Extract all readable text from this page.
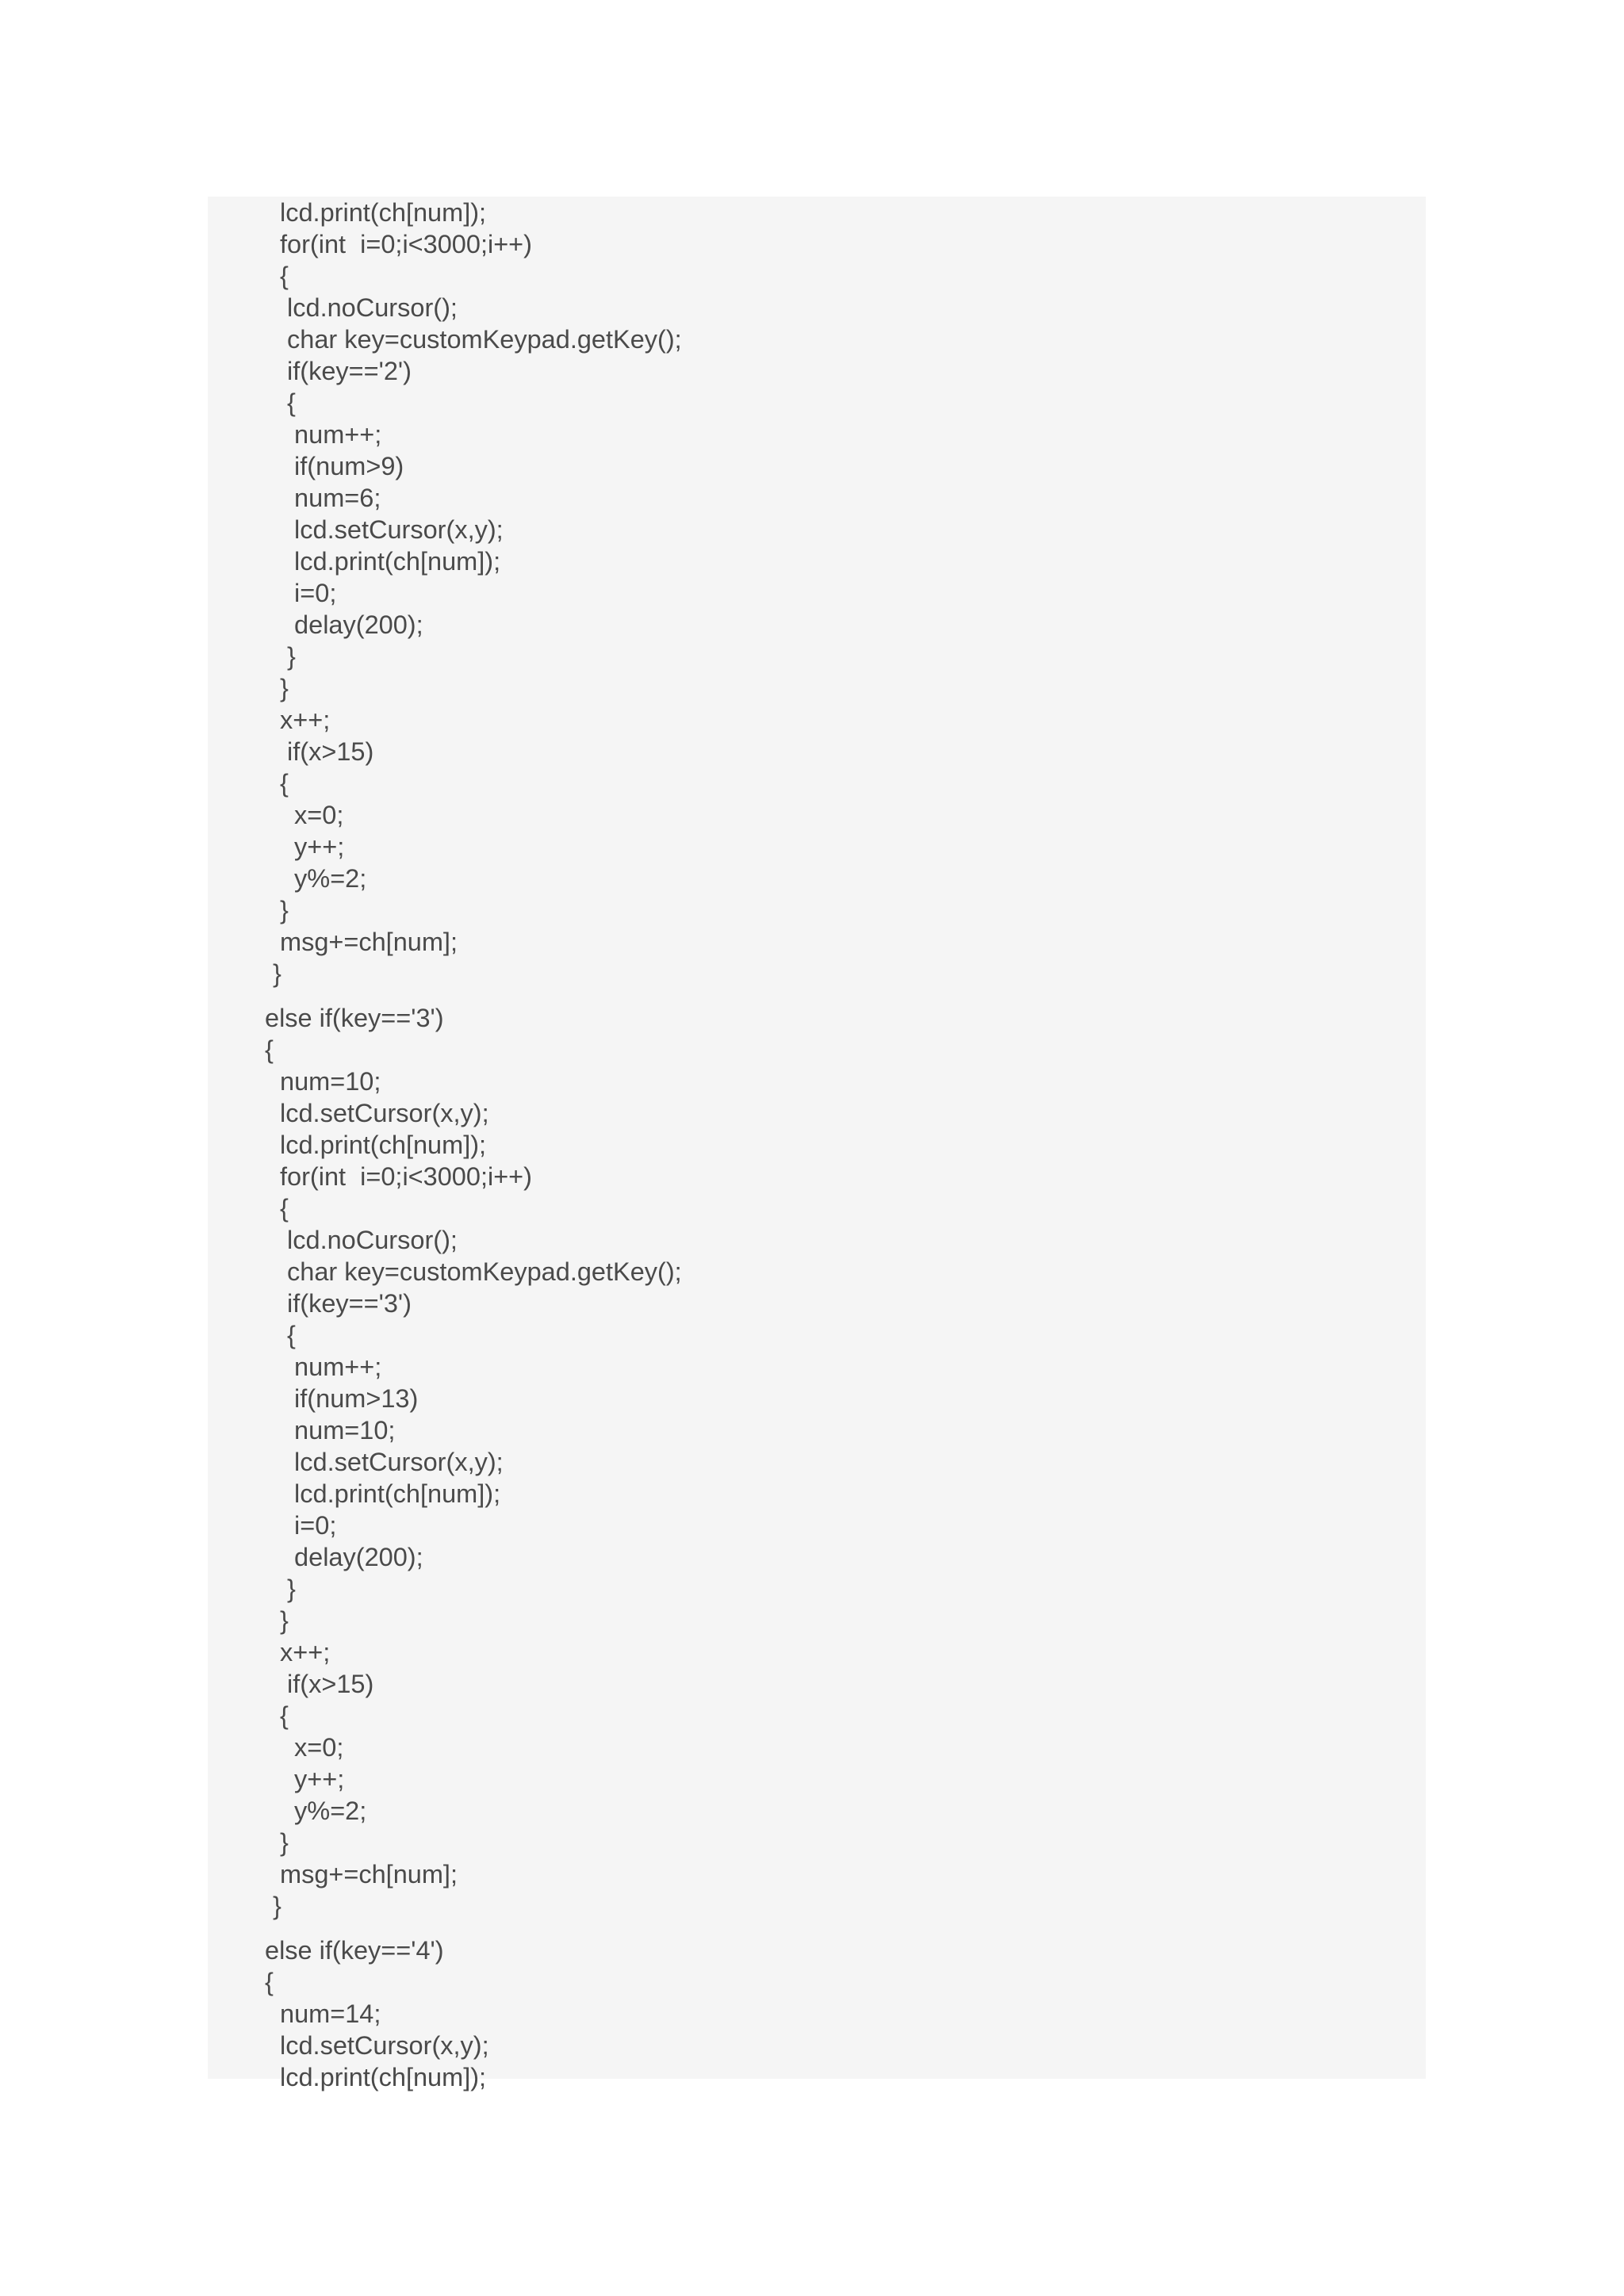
lcd.print(ch[num]);
for(int  i=0;i<3000;i++)
{
lcd.noCursor();
char key=customKeypad.getKey();
if(key=='2')
{
num++;
if(num>9)
num=6;
lcd.setCursor(x,y);
lcd.print(ch[num]);
i=0;
delay(200);
}
}
x++;
if(x>15)
{
x=0;
y++;
y%=2;
}
msg+=ch[num];
}
else if(key=='3')
{
num=10;
lcd.setCursor(x,y);
lcd.print(ch[num]);
for(int  i=0;i<3000;i++)
{
lcd.noCursor();
char key=customKeypad.getKey();
if(key=='3')
{
num++;
if(num>13)
num=10;
lcd.setCursor(x,y);
lcd.print(ch[num]);
i=0;
delay(200);
}
}
x++;
if(x>15)
{
x=0;
y++;
y%=2;
}
msg+=ch[num];
}
else if(key=='4')
{
num=14;
lcd.setCursor(x,y);
lcd.print(ch[num]);
